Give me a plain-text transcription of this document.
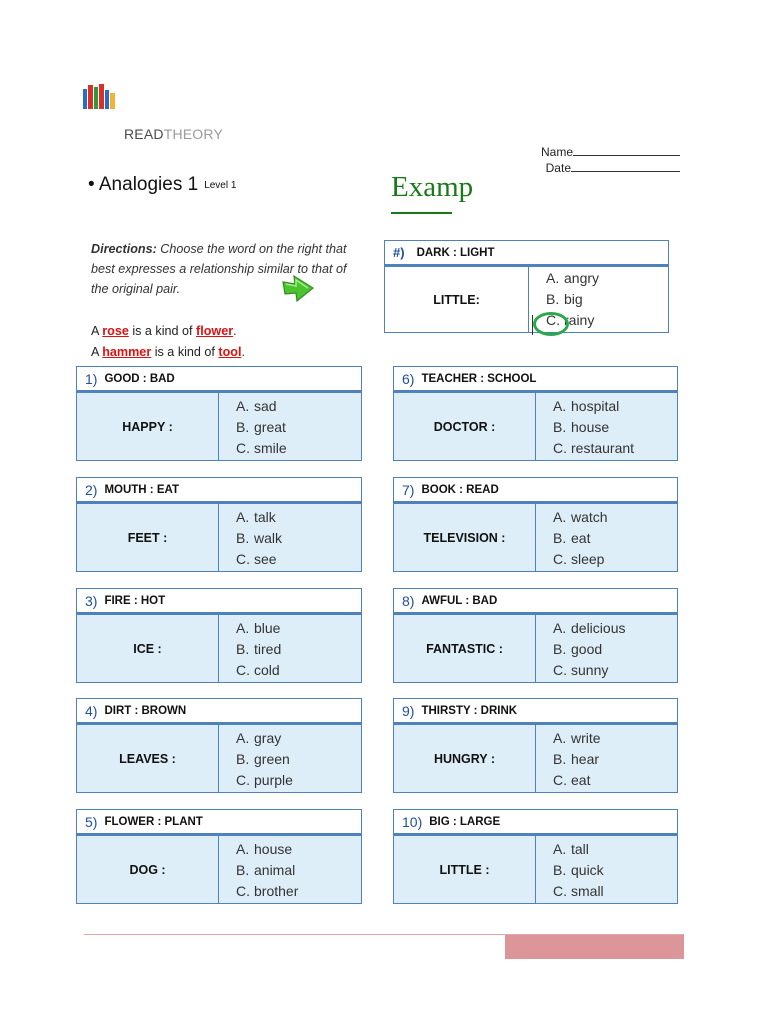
READTHEORY
Name
Date
• Analogies 1 Level 1	Examp
Directions: Choose the word on the right that best expresses a relationship similar to that of the original pair.
A rose is a kind of flower.
A hammer is a kind of tool.
#) DARK : LIGHT
LITTLE:
A. angry
B. big
C. rainy
1) GOOD : BAD
HAPPY :
A. sad
B. great
C. smile
2) MOUTH : EAT
FEET :
A. talk
B. walk
C. see
3) FIRE : HOT
ICE :
A. blue
B. tired
C. cold
4) DIRT : BROWN
LEAVES :
A. gray
B. green
C. purple
5) FLOWER : PLANT
DOG :
A. house
B. animal
C. brother
6) TEACHER : SCHOOL
DOCTOR :
A. hospital
B. house
C. restaurant
7) BOOK : READ
TELEVISION :
A. watch
B. eat
C. sleep
8) AWFUL : BAD
FANTASTIC :
A. delicious
B. good
C. sunny
9) THIRSTY : DRINK
HUNGRY :
A. write
B. hear
C. eat
10) BIG : LARGE
LITTLE :
A. tall
B. quick
C. small
